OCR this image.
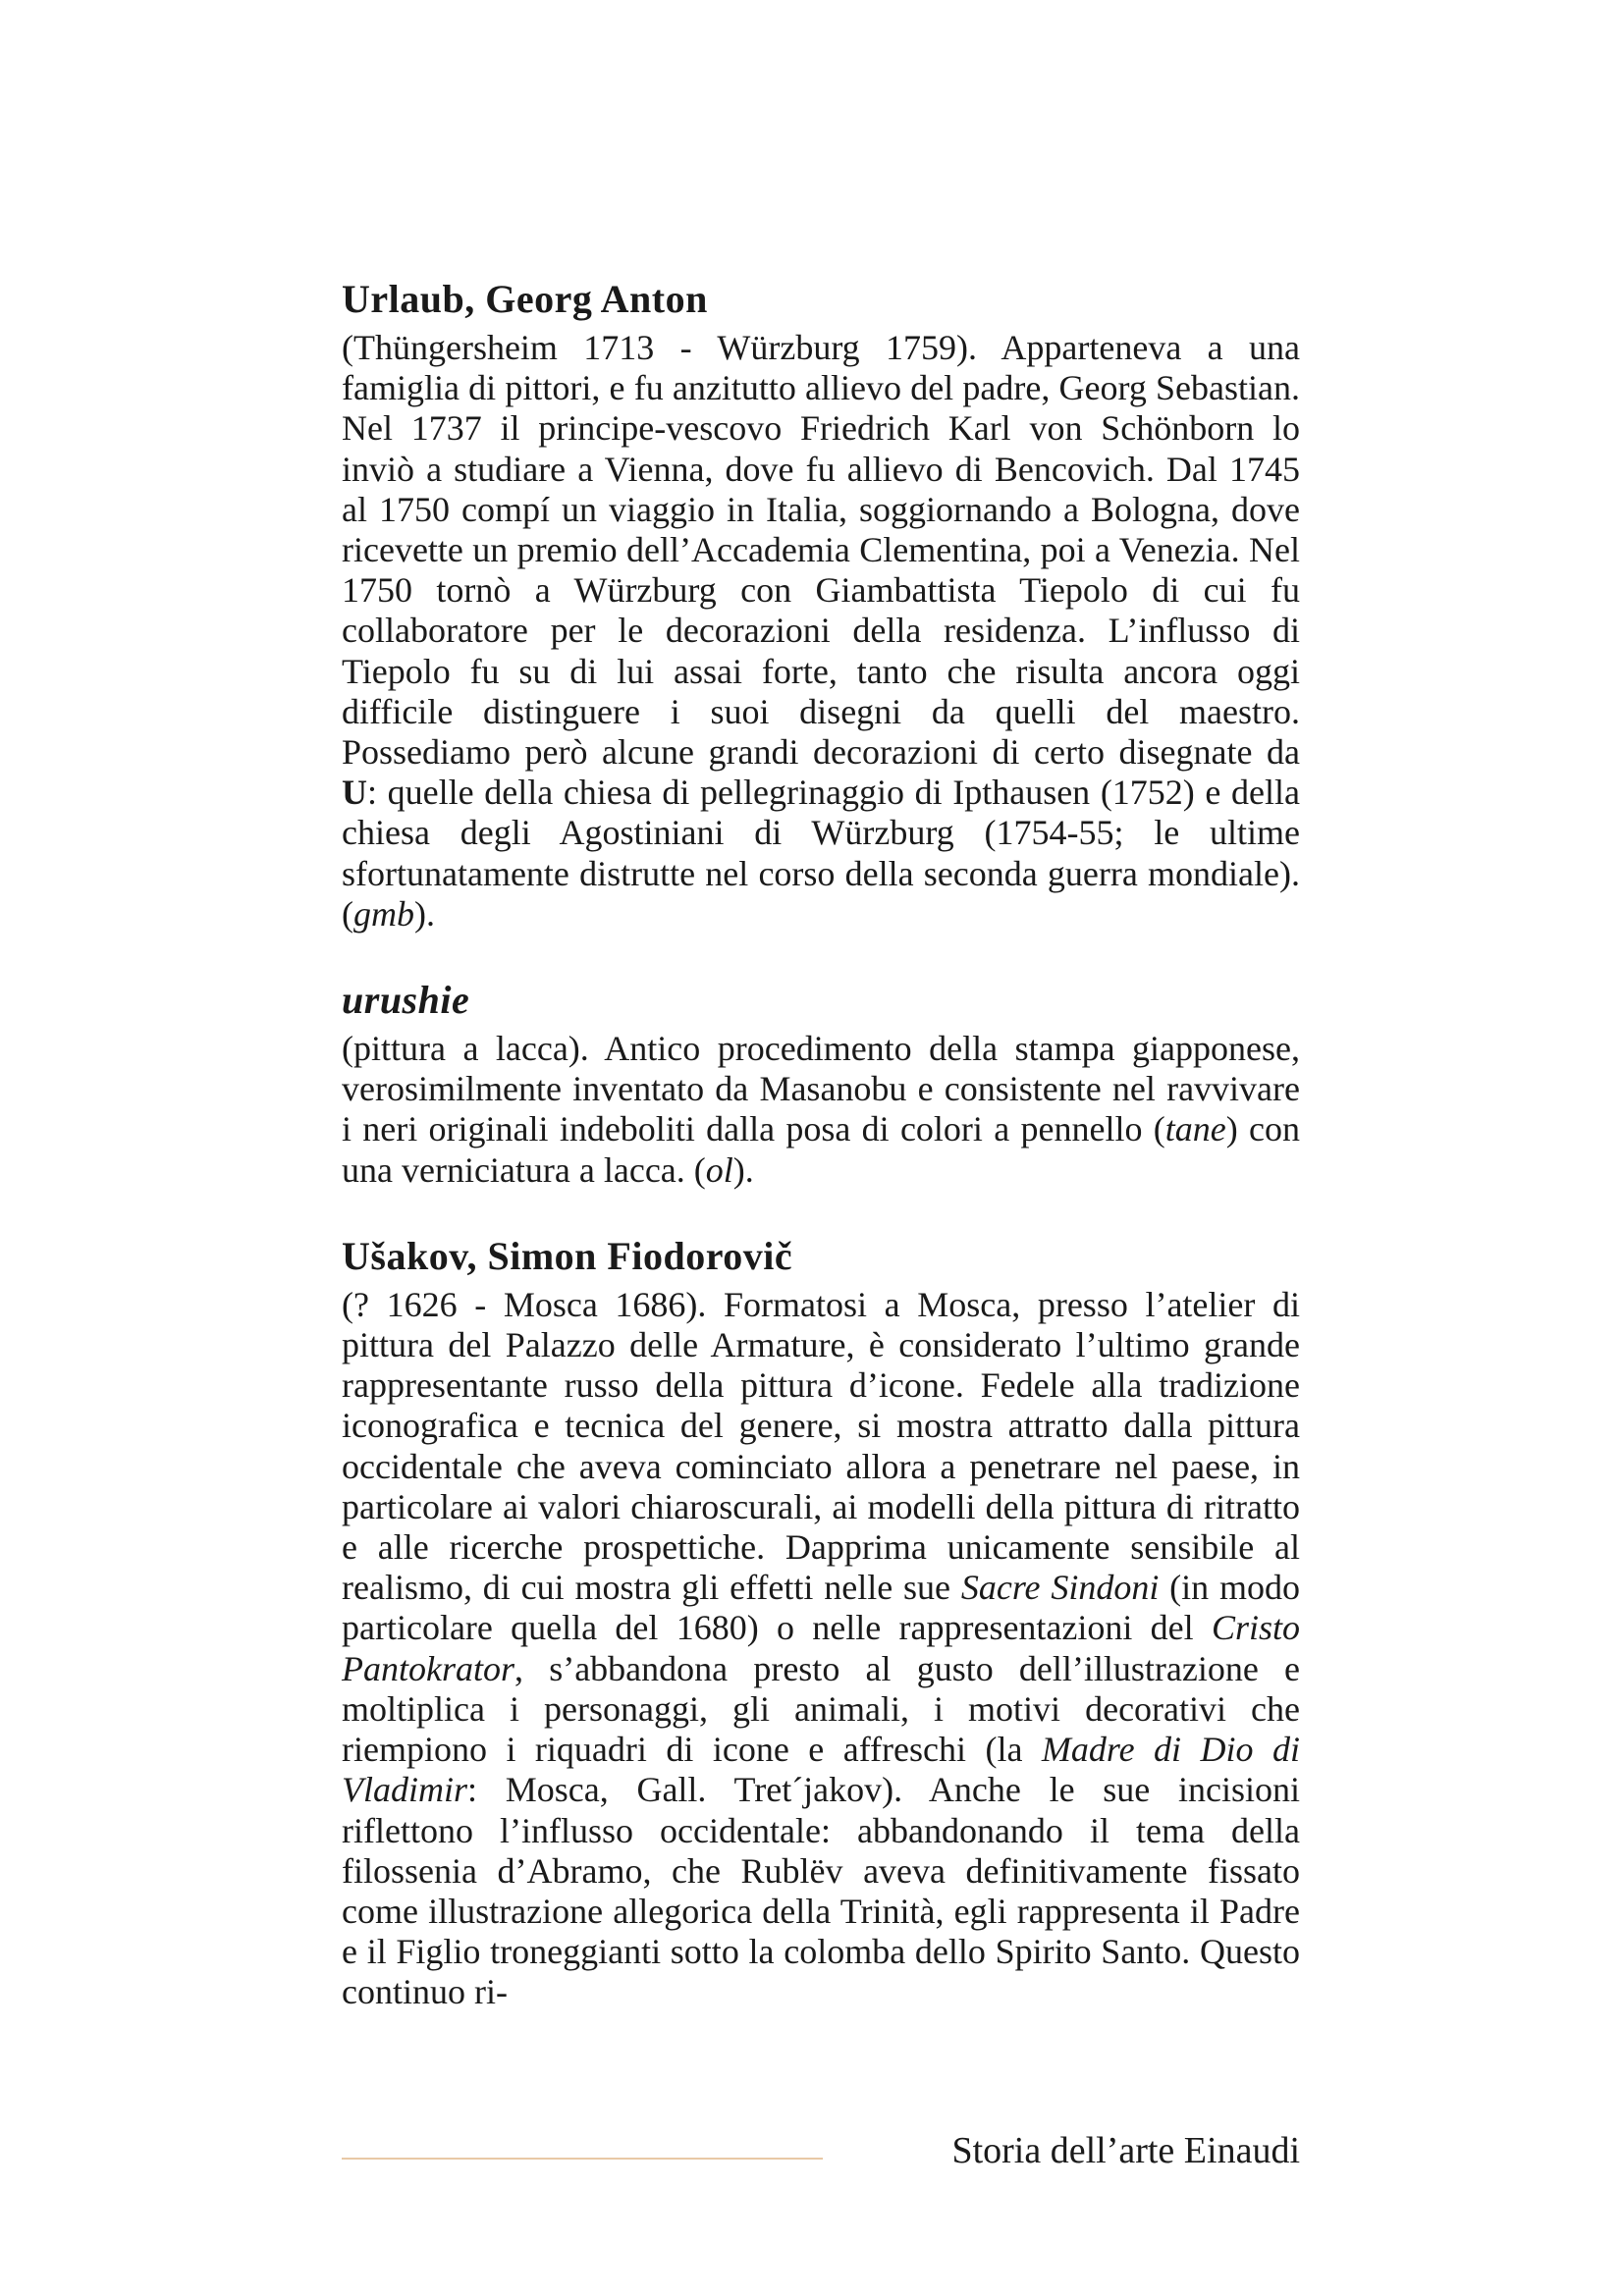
Urlaub, Georg Anton

(Thüngersheim 1713 - Würzburg 1759). Apparteneva a una famiglia di pittori, e fu anzitutto allievo del padre, Georg Sebastian. Nel 1737 il principe-vescovo Friedrich Karl von Schönborn lo inviò a studiare a Vienna, dove fu allievo di Bencovich. Dal 1745 al 1750 compí un viaggio in Italia, soggiornando a Bologna, dove ricevette un premio dell’Accademia Clementina, poi a Venezia. Nel 1750 tornò a Würzburg con Giambattista Tiepolo di cui fu collaboratore per le decorazioni della residenza. L’influsso di Tiepolo fu su di lui assai forte, tanto che risulta ancora oggi difficile distinguere i suoi disegni da quelli del maestro. Possediamo però alcune grandi decorazioni di certo disegnate da U: quelle della chiesa di pellegrinaggio di Ipthausen (1752) e della chiesa degli Agostiniani di Würzburg (1754-55; le ultime sfortunatamente distrutte nel corso della seconda guerra mondiale). (gmb).

urushie

(pittura a lacca). Antico procedimento della stampa giapponese, verosimilmente inventato da Masanobu e consistente nel ravvivare i neri originali indeboliti dalla posa di colori a pennello (tane) con una verniciatura a lacca. (ol).

Ušakov, Simon Fiodorovič

(? 1626 - Mosca 1686). Formatosi a Mosca, presso l’atelier di pittura del Palazzo delle Armature, è considerato l’ultimo grande rappresentante russo della pittura d’icone. Fedele alla tradizione iconografica e tecnica del genere, si mostra attratto dalla pittura occidentale che aveva cominciato allora a penetrare nel paese, in particolare ai valori chiaroscurali, ai modelli della pittura di ritratto e alle ricerche prospettiche. Dapprima unicamente sensibile al realismo, di cui mostra gli effetti nelle sue Sacre Sindoni (in modo particolare quella del 1680) o nelle rappresentazioni del Cristo Pantokrator, s’abbandona presto al gusto dell’illustrazione e moltiplica i personaggi, gli animali, i motivi decorativi che riempiono i riquadri di icone e affreschi (la Madre di Dio di Vladimir: Mosca, Gall. Tret´jakov). Anche le sue incisioni riflettono l’influsso occidentale: abbandonando il tema della filossenia d’Abramo, che Rublëv aveva definitivamente fissato come illustrazione allegorica della Trinità, egli rappresenta il Padre e il Figlio troneggianti sotto la colomba dello Spirito Santo. Questo continuo ri-

Storia dell’arte Einaudi
